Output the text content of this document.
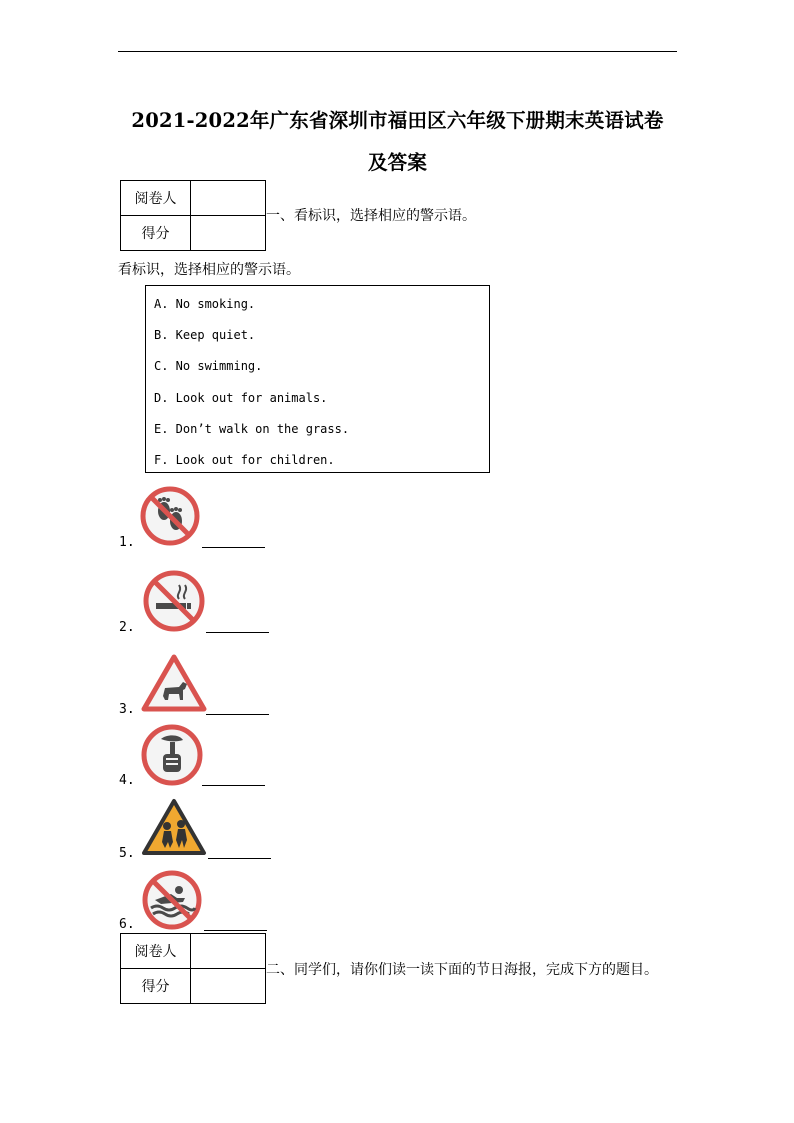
2021-2022年广东省深圳市福田区六年级下册期末英语试卷
及答案
阅卷人	
得分	
一、看标识，选择相应的警示语。
看标识，选择相应的警示语。
A. No smoking.
B. Keep quiet.
C. No swimming.
D. Look out for animals.
E. Don’t walk on the grass.
F. Look out for children.
1.
2.
3.
4.
5.
6.
阅卷人	
得分	
二、同学们，请你们读一读下面的节日海报，完成下方的题目。
